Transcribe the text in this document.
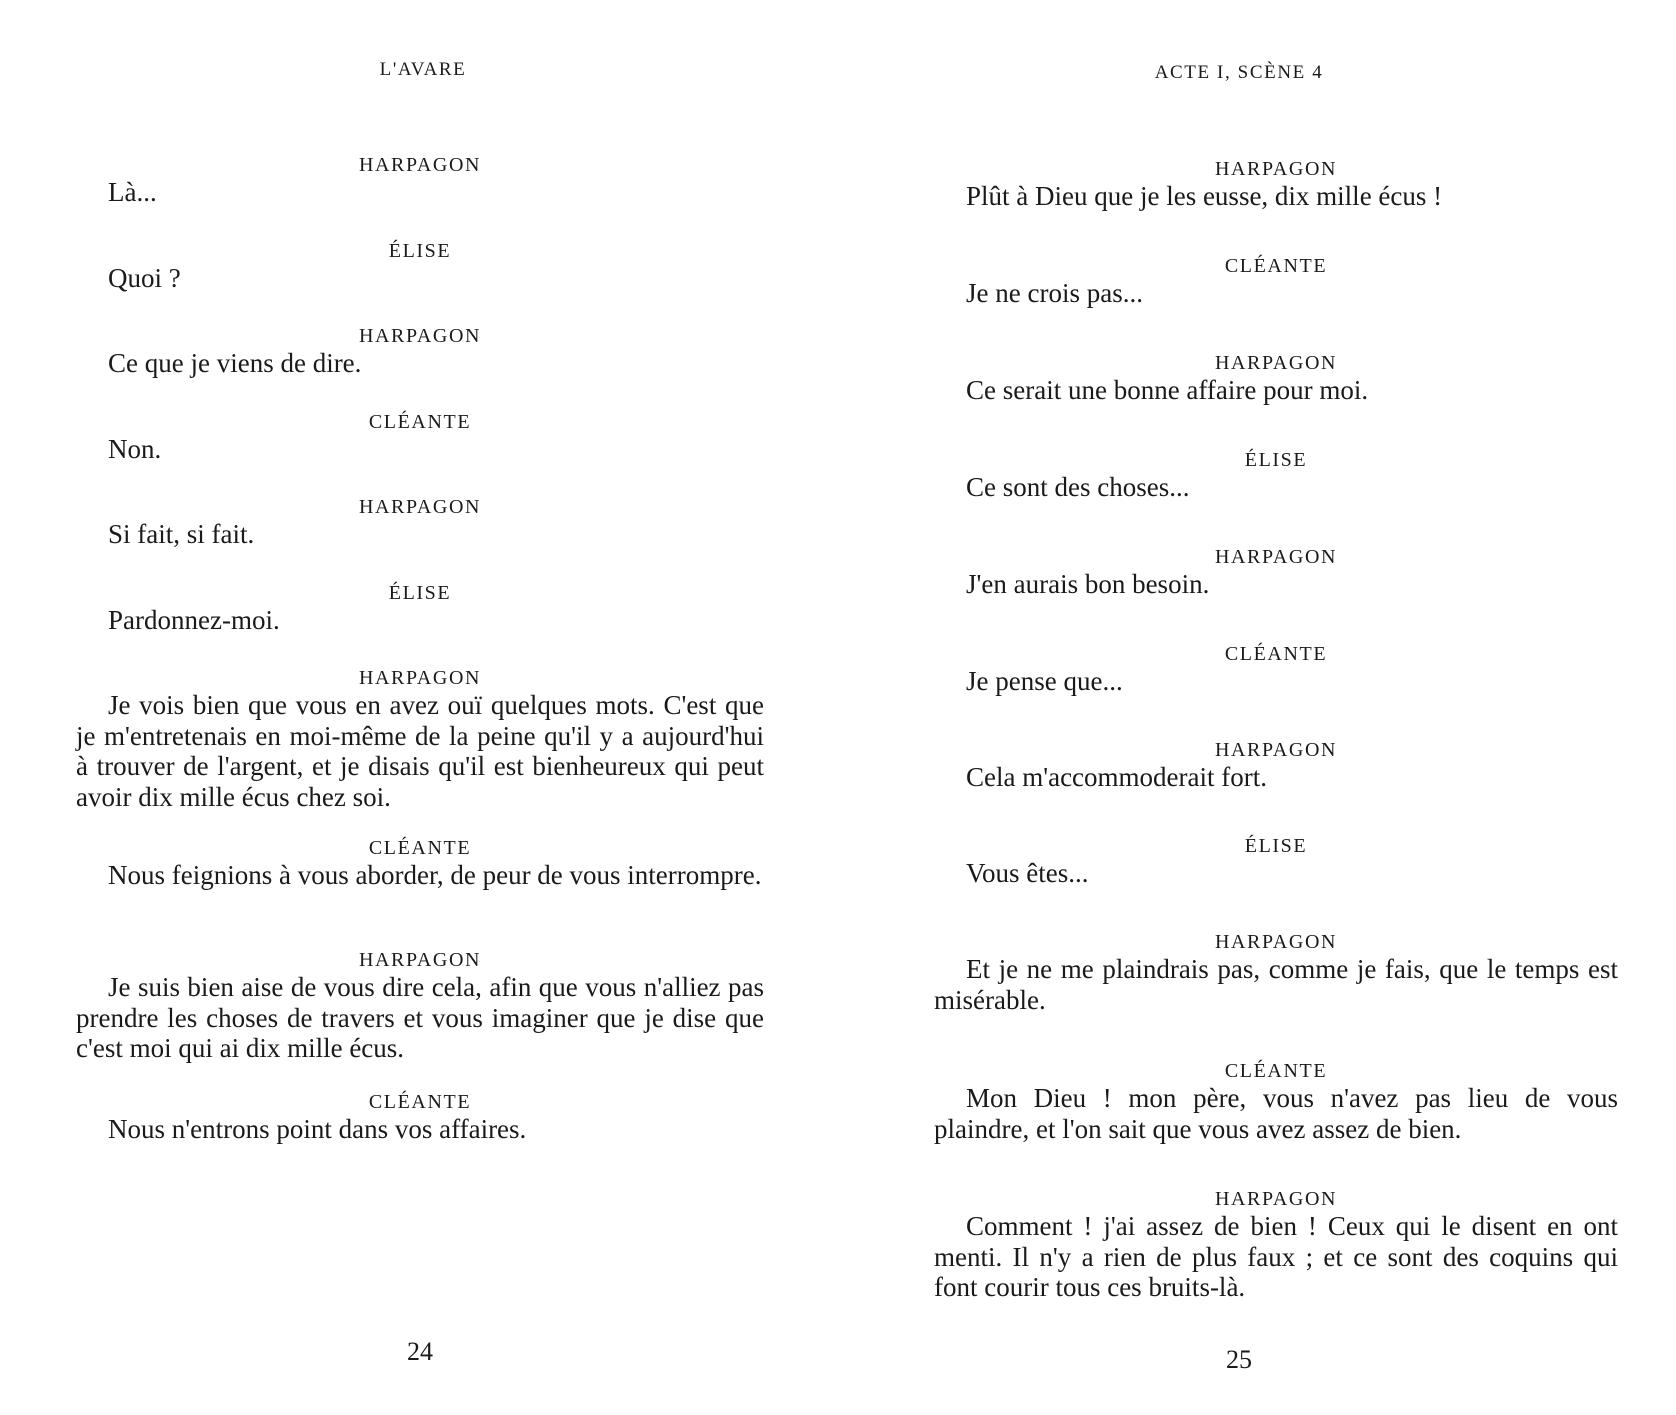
L'AVARE
HARPAGON

Là...

ÉLISE

Quoi ?

HARPAGON

Ce que je viens de dire.

CLÉANTE

Non.

HARPAGON

Si fait, si fait.

ÉLISE

Pardonnez-moi.

HARPAGON

Je vois bien que vous en avez ouï quelques mots. C'est que je m'entretenais en moi-même de la peine qu'il y a aujourd'hui à trouver de l'argent, et je disais qu'il est bienheureux qui peut avoir dix mille écus chez soi.

CLÉANTE

Nous feignions à vous aborder, de peur de vous interrompre.

HARPAGON

Je suis bien aise de vous dire cela, afin que vous n'alliez pas prendre les choses de travers et vous imaginer que je dise que c'est moi qui ai dix mille écus.

CLÉANTE

Nous n'entrons point dans vos affaires.

24
ACTE I, SCÈNE 4
HARPAGON

Plût à Dieu que je les eusse, dix mille écus !

CLÉANTE

Je ne crois pas...

HARPAGON

Ce serait une bonne affaire pour moi.

ÉLISE

Ce sont des choses...

HARPAGON

J'en aurais bon besoin.

CLÉANTE

Je pense que...

HARPAGON

Cela m'accommoderait fort.

ÉLISE

Vous êtes...

HARPAGON

Et je ne me plaindrais pas, comme je fais, que le temps est misérable.

CLÉANTE

Mon Dieu ! mon père, vous n'avez pas lieu de vous plaindre, et l'on sait que vous avez assez de bien.

HARPAGON

Comment ! j'ai assez de bien ! Ceux qui le disent en ont menti. Il n'y a rien de plus faux ; et ce sont des coquins qui font courir tous ces bruits-là.

25
